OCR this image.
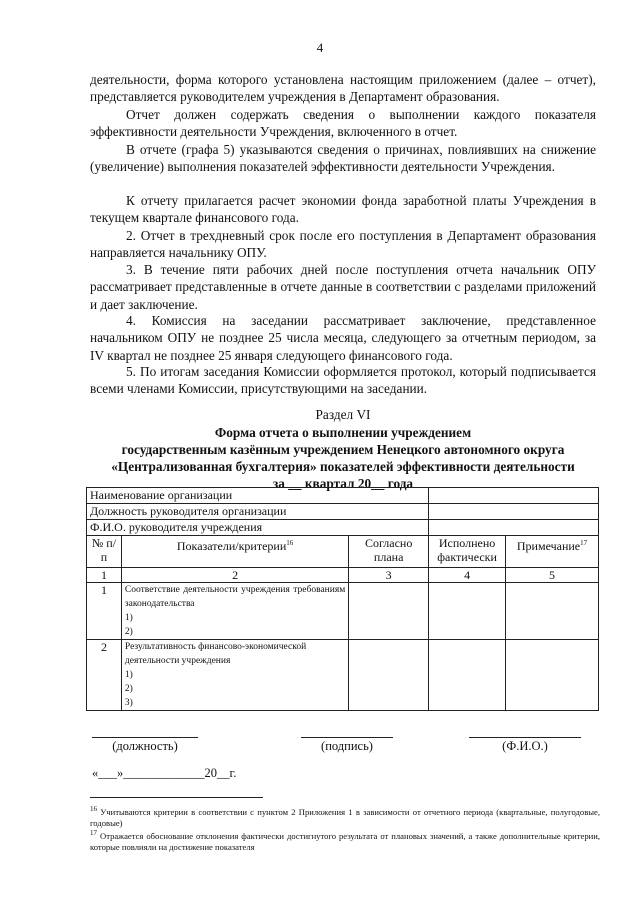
4
деятельности, форма которого установлена настоящим приложением (далее – отчет), представляется руководителем учреждения в Департамент образования.
Отчет должен содержать сведения о выполнении каждого показателя эффективности деятельности Учреждения, включенного в отчет.
В отчете (графа 5) указываются сведения о причинах, повлиявших на снижение (увеличение) выполнения показателей эффективности деятельности Учреждения.
К отчету прилагается расчет экономии фонда заработной платы Учреждения в текущем квартале финансового года.
2. Отчет в трехдневный срок после его поступления в Департамент образования направляется начальнику ОПУ.
3. В течение пяти рабочих дней после поступления отчета начальник ОПУ рассматривает представленные в отчете данные в соответствии с разделами приложений и дает заключение.
4. Комиссия на заседании рассматривает заключение, представленное начальником ОПУ не позднее 25 числа месяца, следующего за отчетным периодом, за IV квартал не позднее 25 января следующего финансового года.
5. По итогам заседания Комиссии оформляется протокол, который подписывается всеми членами Комиссии, присутствующими на заседании.
Раздел VI
Форма отчета о выполнении учреждением
государственным казённым учреждением Ненецкого автономного округа
«Централизованная бухгалтерия» показателей эффективности деятельности
за __ квартал 20__ года
Наименование организации				
Должность руководителя организации				
Ф.И.О. руководителя учреждения				
№ п/п	Показатели/критерии$^{16}$	Согласно плана	Исполнено фактически	Примечание$^{17}$
1	2	3	4	5
1	Соответствие деятельности учреждения требованиям законодательства
1)
2)			

2	Результативность финансово-экономической деятельности учреждения
1)
2)
3)			

(должность)	(подпись)	(Ф.И.О.)
«___»_____________20__г.
$^{16}$ Учитываются критерии в соответствии с пунктом 2 Приложения 1 в зависимости от отчетного периода (квартальные, полугодовые, годовые)
$^{17}$ Отражается обоснование отклонения фактически достигнутого результата от плановых значений, а также дополнительные критерии, которые повлияли на достижение показателя
